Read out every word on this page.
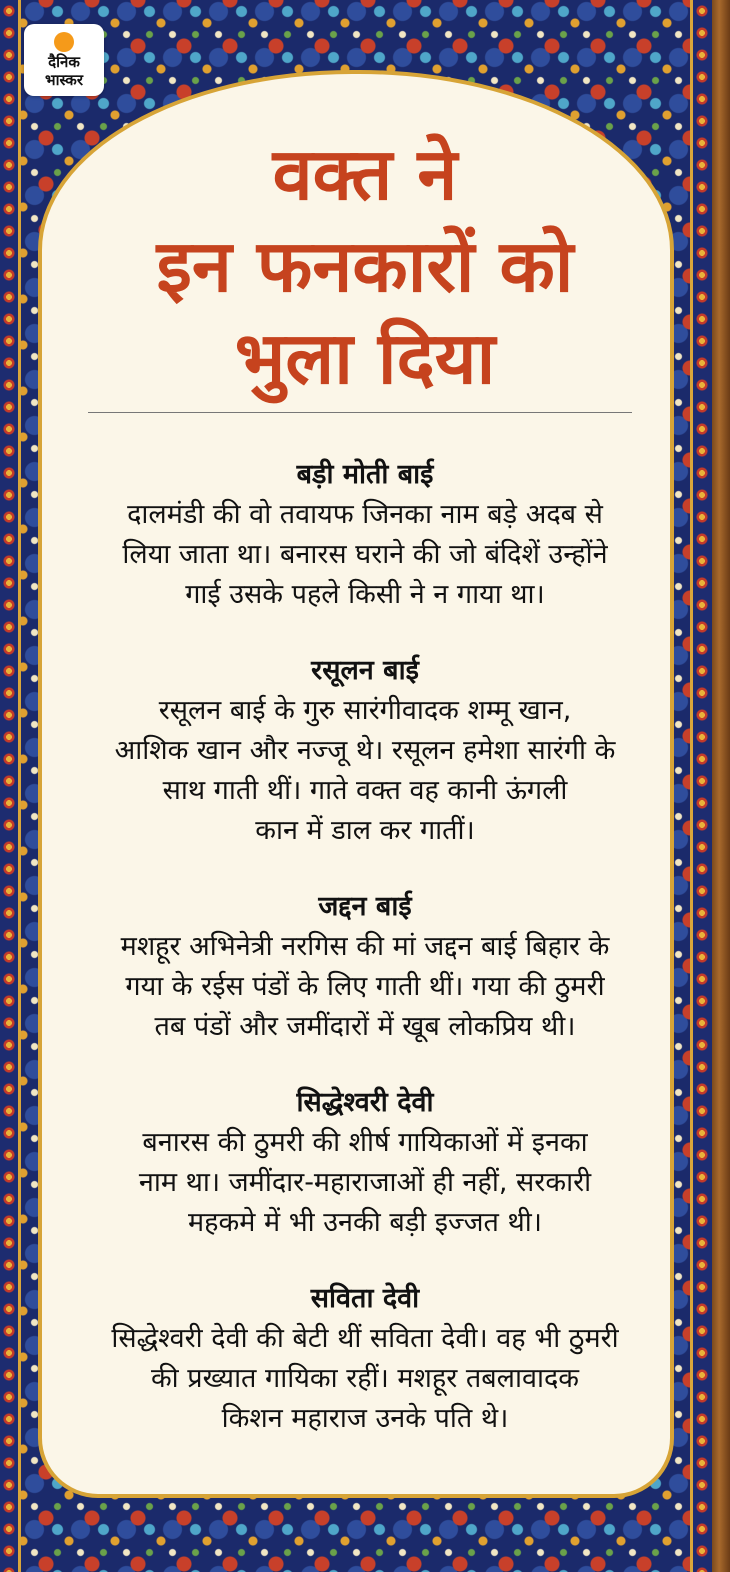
दैनिक
भास्कर
वक्त ने
इन फनकारों को
भुला दिया
बड़ी मोती बाई
दालमंडी की वो तवायफ जिनका नाम बड़े अदब से
लिया जाता था। बनारस घराने की जो बंदिशें उन्होंने
गाई उसके पहले किसी ने न गाया था।
रसूलन बाई
रसूलन बाई के गुरु सारंगीवादक शम्मू खान,
आशिक खान और नज्जू थे। रसूलन हमेशा सारंगी के
साथ गाती थीं। गाते वक्त वह कानी ऊंगली
कान में डाल कर गातीं।
जद्दन बाई
मशहूर अभिनेत्री नरगिस की मां जद्दन बाई बिहार के
गया के रईस पंडों के लिए गाती थीं। गया की ठुमरी
तब पंडों और जमींदारों में खूब लोकप्रिय थी।
सिद्धेश्वरी देवी
बनारस की ठुमरी की शीर्ष गायिकाओं में इनका
नाम था। जमींदार-महाराजाओं ही नहीं, सरकारी
महकमे में भी उनकी बड़ी इज्जत थी।
सविता देवी
सिद्धेश्वरी देवी की बेटी थीं सविता देवी। वह भी ठुमरी
की प्रख्यात गायिका रहीं। मशहूर तबलावादक
किशन महाराज उनके पति थे।
